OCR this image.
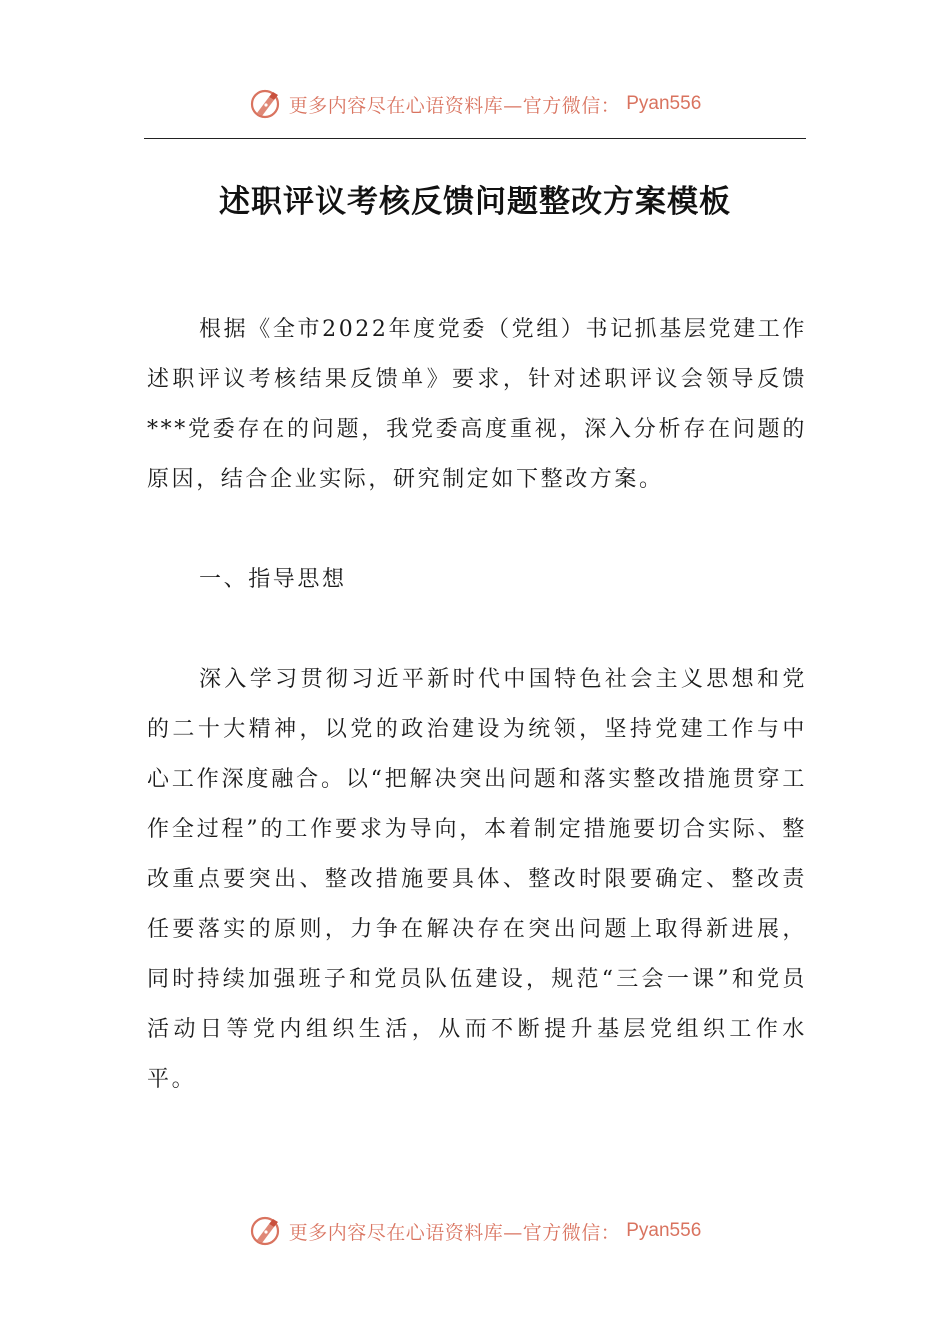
更多内容尽在心语资料库—官方微信： Pyan556
述职评议考核反馈问题整改方案模板

根据《全市2022年度党委（党组）书记抓基层党建工作述职评议考核结果反馈单》要求，针对述职评议会领导反馈***党委存在的问题，我党委高度重视，深入分析存在问题的原因，结合企业实际，研究制定如下整改方案。

一、指导思想

深入学习贯彻习近平新时代中国特色社会主义思想和党的二十大精神，以党的政治建设为统领，坚持党建工作与中心工作深度融合。以“把解决突出问题和落实整改措施贯穿工作全过程”的工作要求为导向，本着制定措施要切合实际、整改重点要突出、整改措施要具体、整改时限要确定、整改责任要落实的原则，力争在解决存在突出问题上取得新进展，同时持续加强班子和党员队伍建设，规范“三会一课”和党员活动日等党内组织生活，从而不断提升基层党组织工作水平。

更多内容尽在心语资料库—官方微信： Pyan556
